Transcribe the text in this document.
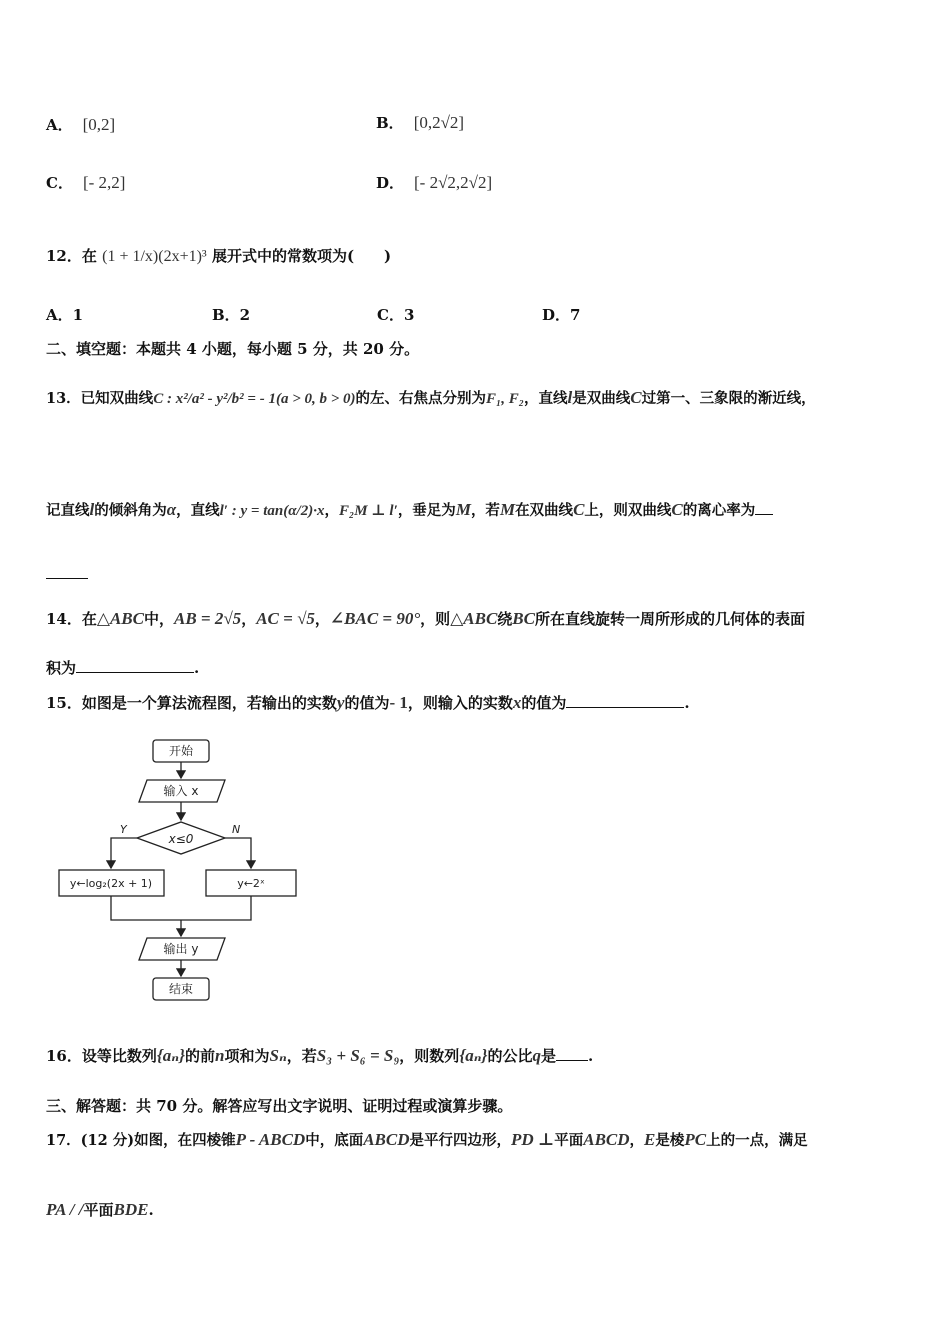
A． [0,2]	B． [0,2√2]
C． [- 2,2]	D． [- 2√2,2√2]
12．在 (1 + 1/x)(2x+1)³ 展开式中的常数项为(　　)
A．1	B．2	C．3	D．7
二、填空题：本题共 4 小题，每小题 5 分，共 20 分。
13．已知双曲线C : x²/a² - y²/b² = - 1(a > 0, b > 0)的左、右焦点分别为F₁, F₂，直线l是双曲线C过第一、三象限的渐近线，
记直线l的倾斜角为α，直线l′ : y = tan(α/2)·x，F₂M ⊥ l′，垂足为M，若M在双曲线C上，则双曲线C的离心率为
14．在△ABC中，AB = 2√5，AC = √5，∠BAC = 90°，则△ABC绕BC所在直线旋转一周所形成的几何体的表面
积为	.
15．如图是一个算法流程图，若输出的实数y的值为- 1，则输入的实数x的值为	.
开始
输入 x
x≤0
Y	N
y←log₂(2x + 1)	y←2ˣ
输出 y
结束
16．设等比数列{aₙ}的前n项和为Sₙ，若S₃ + S₆ = S₉，则数列{aₙ}的公比q是 .
三、解答题：共 70 分。解答应写出文字说明、证明过程或演算步骤。
17．(12 分)如图，在四棱锥P - ABCD中，底面ABCD是平行四边形，PD ⊥平面ABCD，E是棱PC上的一点，满足
PA / /平面BDE.
